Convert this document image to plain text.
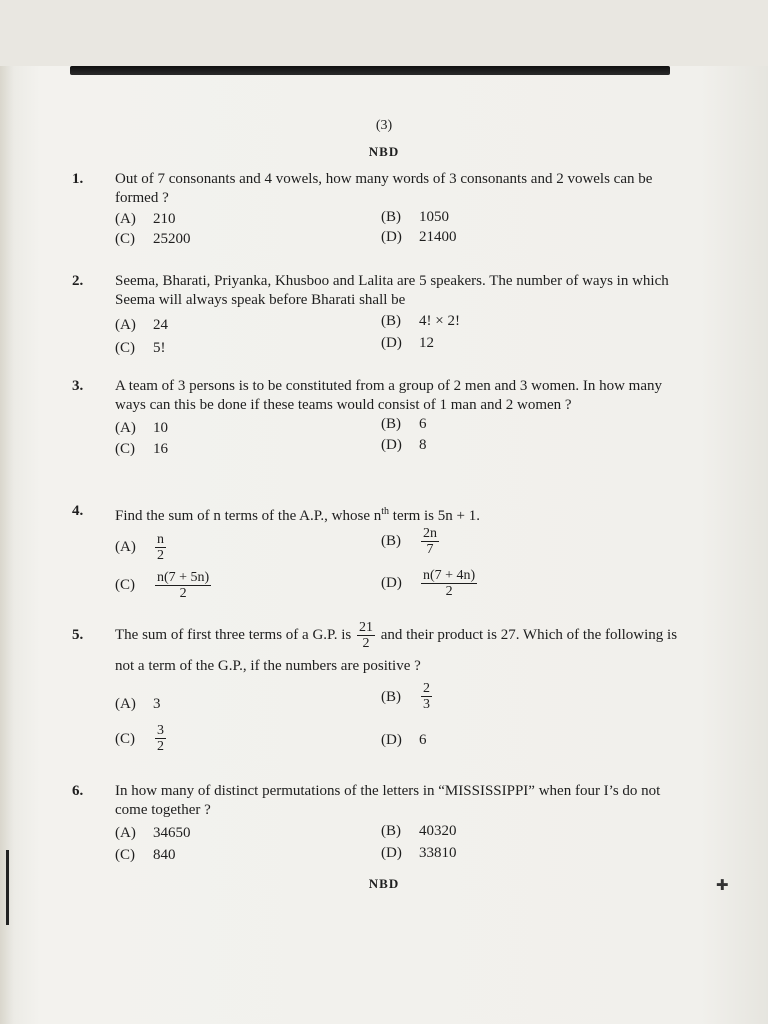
(3)
NBD
1.	Out of 7 consonants and 4 vowels, how many words of 3 consonants and 2 vowels can be formed ?
(A)	210	(B)	1050
(C)	25200	(D)	21400
2.	Seema, Bharati, Priyanka, Khusboo and Lalita are 5 speakers. The number of ways in which Seema will always speak before Bharati shall be
(A)	24	(B)	4! × 2!
(C)	5!	(D)	12
3.	A team of 3 persons is to be constituted from a group of 2 men and 3 women. In how many ways can this be done if these teams would consist of 1 man and 2 women ?
(A)	10	(B)	6
(C)	16	(D)	8
4.	Find the sum of n terms of the A.P., whose $n^{th}$ term is 5n + 1.
(A)	$\frac{n}{2}$	(B)	$\frac{2n}{7}$
(C)	$\frac{n(7 + 5n)}{2}$	(D)	$\frac{n(7 + 4n)}{2}$
5.	The sum of first three terms of a G.P. is $\frac{21}{2}$ and their product is 27. Which of the following is not a term of the G.P., if the numbers are positive ?
(A)	3	(B)	$\frac{2}{3}$
(C)	$\frac{3}{2}$	(D)	6
6.	In how many of distinct permutations of the letters in “MISSISSIPPI” when four I’s do not come together ?
(A)	34650	(B)	40320
(C)	840	(D)	33810
NBD	✚
